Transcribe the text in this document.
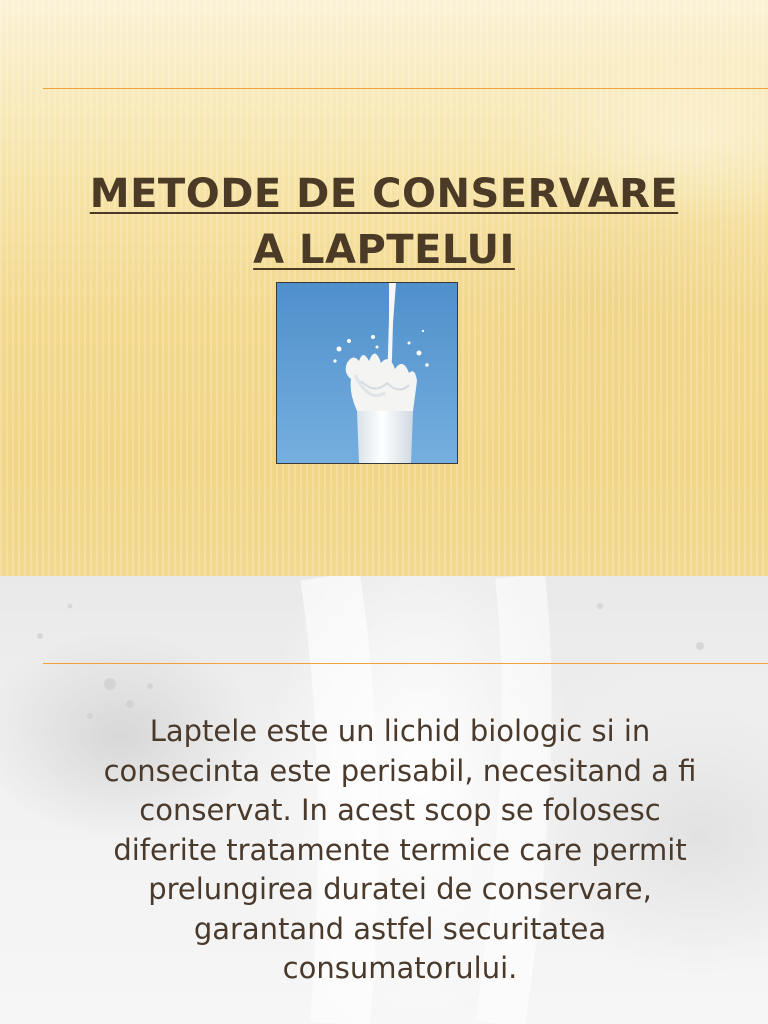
METODE DE CONSERVARE
A LAPTELUI

Laptele este un lichid biologic si in
consecinta este perisabil, necesitand a fi
conservat. In acest scop se folosesc
diferite tratamente termice care permit
prelungirea duratei de conservare,
garantand astfel securitatea
consumatorului.
